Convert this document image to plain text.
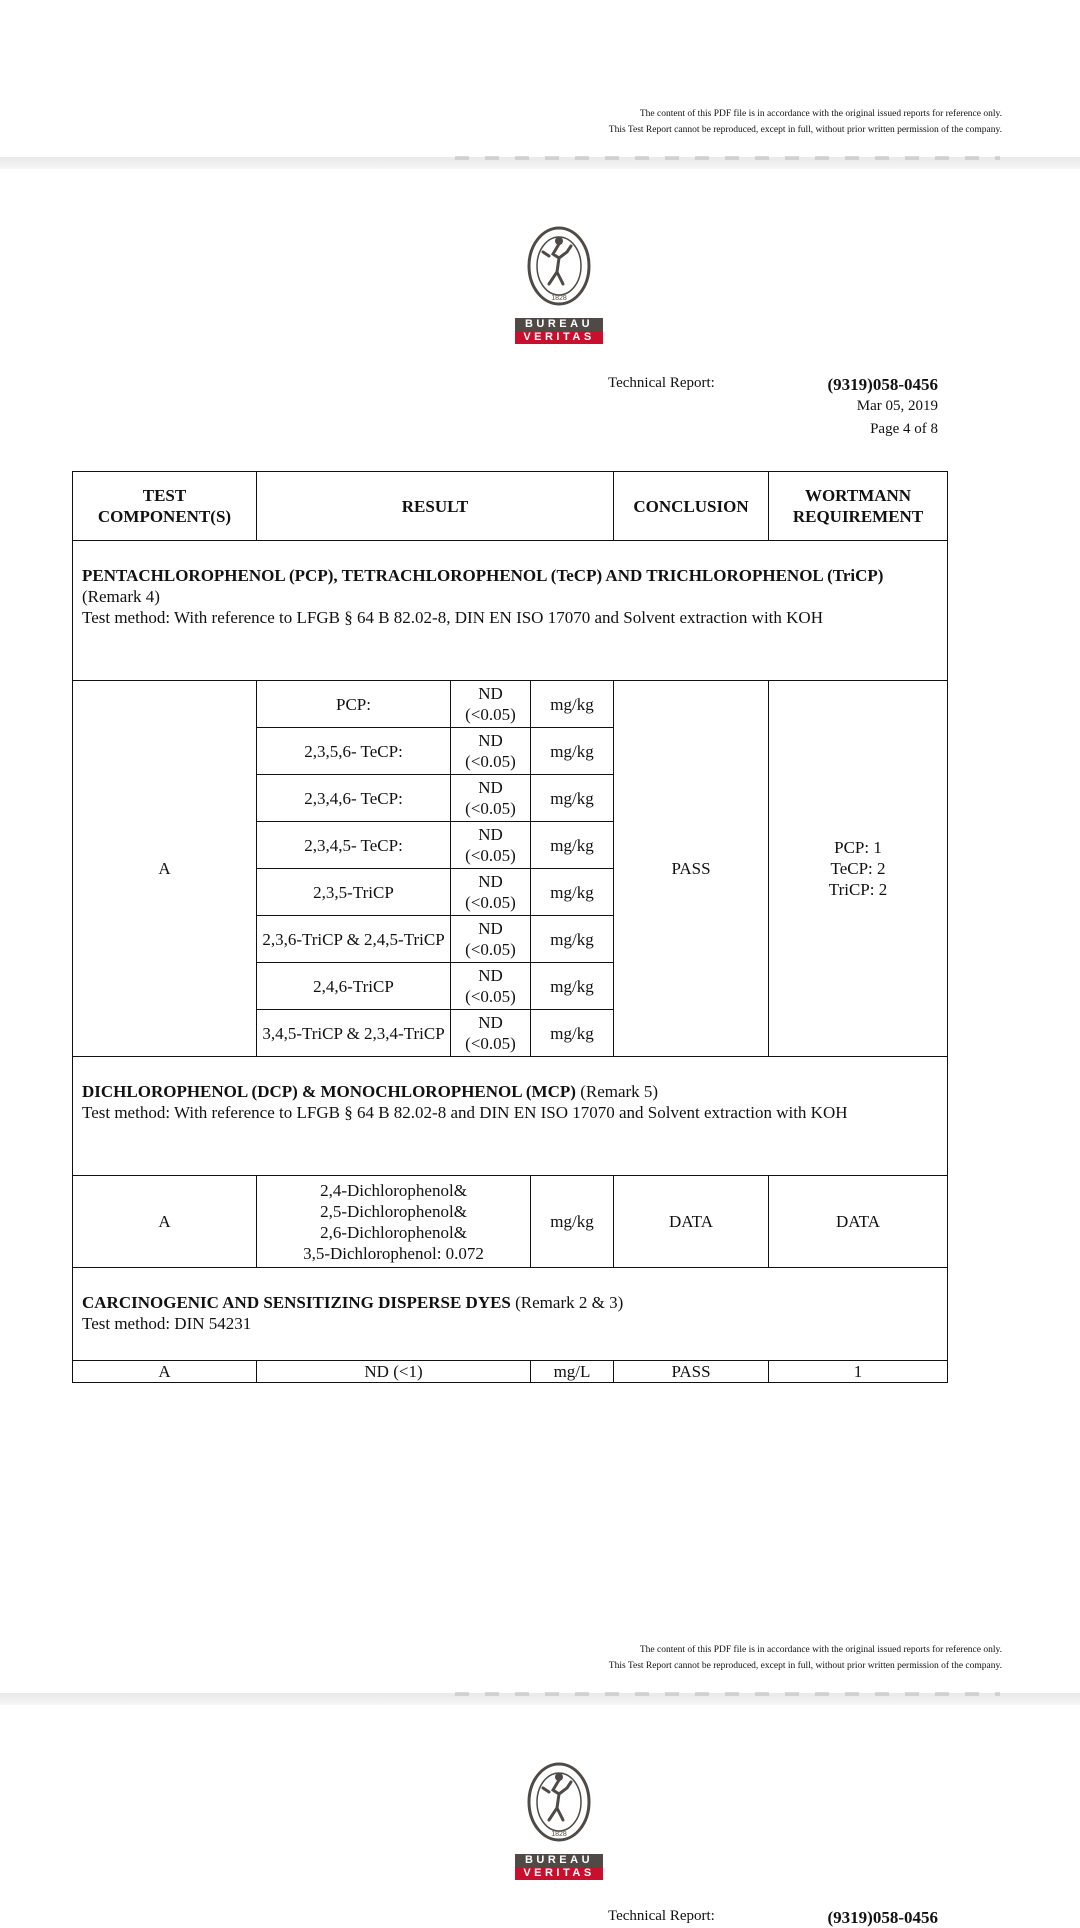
The content of this PDF file is in accordance with the original issued reports for reference only.
This Test Report cannot be reproduced, except in full, without prior written permission of the company.
1828
BUREAU
VERITAS
Technical Report:	(9319)058-0456
Mar 05, 2019
Page 4 of 8
TEST COMPONENT(S)	RESULT			CONCLUSION	WORTMANN REQUIREMENT
PENTACHLOROPHENOL (PCP), TETRACHLOROPHENOL (TeCP) AND TRICHLOROPHENOL (TriCP) (Remark 4)
Test method: With reference to LFGB § 64 B 82.02-8, DIN EN ISO 17070 and Solvent extraction with KOH					
A	PCP:	ND (<0.05)	mg/kg	PASS	PCP: 1
TeCP: 2
TriCP: 2

	2,3,5,6- TeCP:	ND (<0.05)	mg/kg		
	2,3,4,6- TeCP:	ND (<0.05)	mg/kg		
	2,3,4,5- TeCP:	ND (<0.05)	mg/kg		
	2,3,5-TriCP	ND (<0.05)	mg/kg		
	2,3,6-TriCP & 2,4,5-TriCP	ND (<0.05)	mg/kg		
	2,4,6-TriCP	ND (<0.05)	mg/kg		
	3,4,5-TriCP & 2,3,4-TriCP	ND (<0.05)	mg/kg		
DICHLOROPHENOL (DCP) & MONOCHLOROPHENOL (MCP) (Remark 5)
Test method: With reference to LFGB § 64 B 82.02-8 and DIN EN ISO 17070 and Solvent extraction with KOH					
A	2,4-Dichlorophenol&
2,5-Dichlorophenol&
2,6-Dichlorophenol&
3,5-Dichlorophenol: 0.072		mg/kg	DATA	DATA
CARCINOGENIC AND SENSITIZING DISPERSE DYES (Remark 2 & 3)
Test method: DIN 54231					
A	ND (<1)		mg/L	PASS	1
The content of this PDF file is in accordance with the original issued reports for reference only.
This Test Report cannot be reproduced, except in full, without prior written permission of the company.
1828
BUREAU
VERITAS
Technical Report:	(9319)058-0456
